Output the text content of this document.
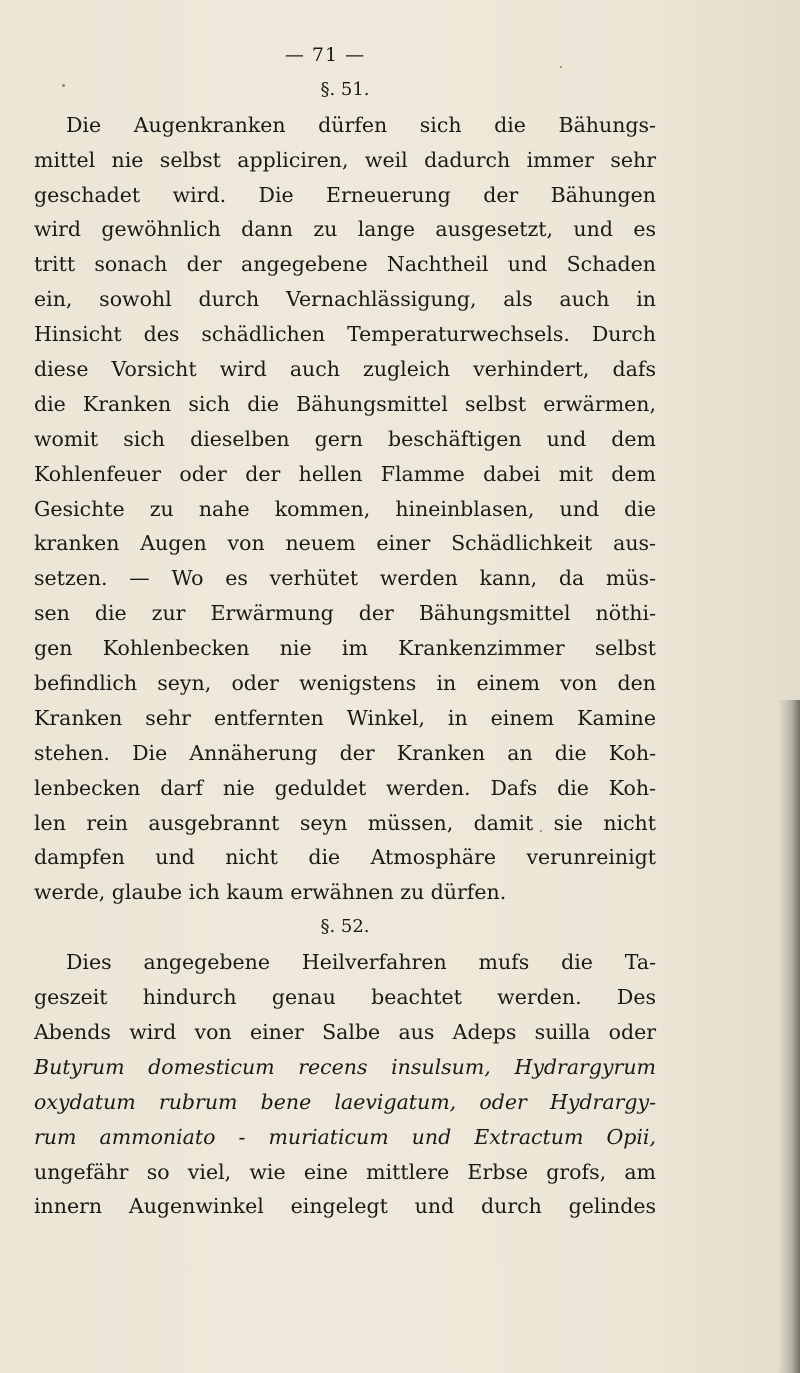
— 71 —
§. 51.
Die Augenkranken dürfen sich die Bähungs-
mittel nie selbst appliciren, weil dadurch immer sehr
geschadet wird. Die Erneuerung der Bähungen
wird gewöhnlich dann zu lange ausgesetzt, und es
tritt sonach der angegebene Nachtheil und Schaden
ein, sowohl durch Vernachlässigung, als auch in
Hinsicht des schädlichen Temperaturwechsels. Durch
diese Vorsicht wird auch zugleich verhindert, dafs
die Kranken sich die Bähungsmittel selbst erwärmen,
womit sich dieselben gern beschäftigen und dem
Kohlenfeuer oder der hellen Flamme dabei mit dem
Gesichte zu nahe kommen, hineinblasen, und die
kranken Augen von neuem einer Schädlichkeit aus-
setzen. — Wo es verhütet werden kann, da müs-
sen die zur Erwärmung der Bähungsmittel nöthi-
gen Kohlenbecken nie im Krankenzimmer selbst
befindlich seyn, oder wenigstens in einem von den
Kranken sehr entfernten Winkel, in einem Kamine
stehen. Die Annäherung der Kranken an die Koh-
lenbecken darf nie geduldet werden. Dafs die Koh-
len rein ausgebrannt seyn müssen, damit sie nicht
dampfen und nicht die Atmosphäre verunreinigt
werde, glaube ich kaum erwähnen zu dürfen.
§. 52.
Dies angegebene Heilverfahren mufs die Ta-
geszeit hindurch genau beachtet werden. Des
Abends wird von einer Salbe aus Adeps suilla oder
Butyrum domesticum recens insulsum, Hydrargyrum
oxydatum rubrum bene laevigatum, oder Hydrargy-
rum ammoniato - muriaticum und Extractum Opii,
ungefähr so viel, wie eine mittlere Erbse grofs, am
innern Augenwinkel eingelegt und durch gelindes
